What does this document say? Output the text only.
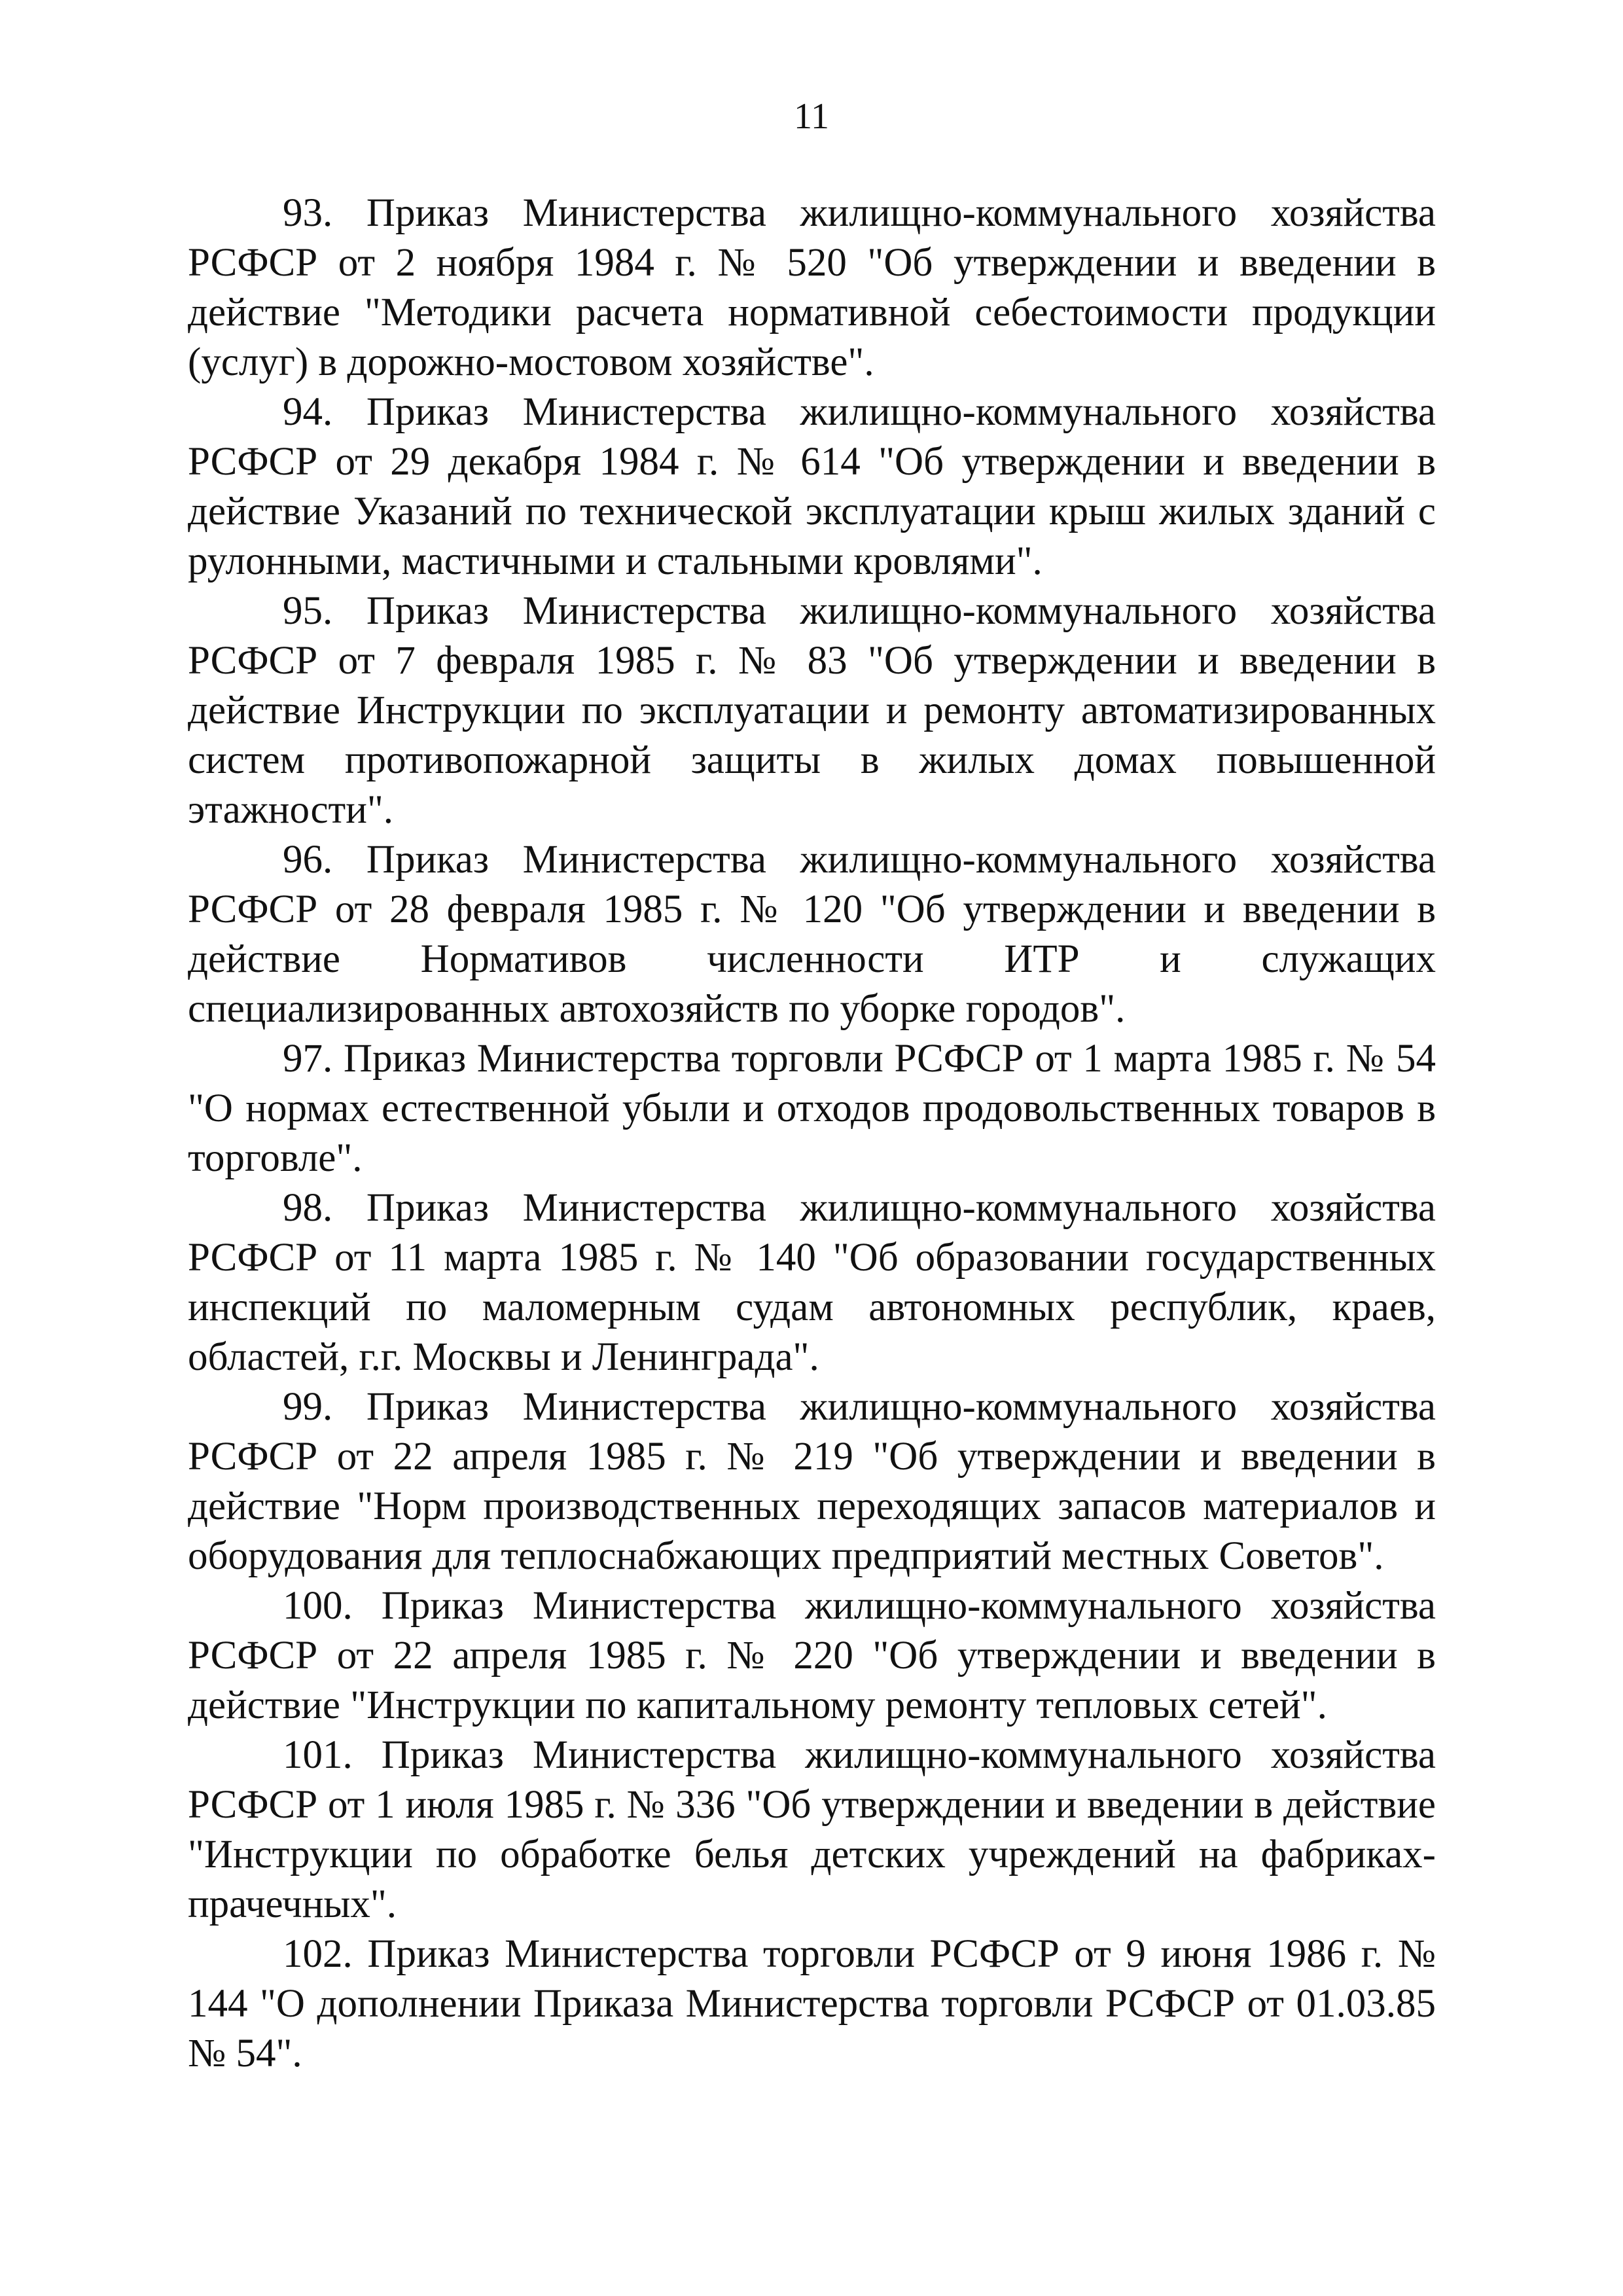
11

93. Приказ Министерства жилищно-коммунального хозяйства РСФСР от 2 ноября 1984 г. № 520 "Об утверждении и введении в действие "Методики расчета нормативной себестоимости продукции (услуг) в дорожно-мостовом хозяйстве".

94. Приказ Министерства жилищно-коммунального хозяйства РСФСР от 29 декабря 1984 г. № 614 "Об утверждении и введении в действие Указаний по технической эксплуатации крыш жилых зданий с рулонными, мастичными и стальными кровлями".

95. Приказ Министерства жилищно-коммунального хозяйства РСФСР от 7 февраля 1985 г. № 83 "Об утверждении и введении в действие Инструкции по эксплуатации и ремонту автоматизированных систем противопожарной защиты в жилых домах повышенной этажности".

96. Приказ Министерства жилищно-коммунального хозяйства РСФСР от 28 февраля 1985 г. № 120 "Об утверждении и введении в действие Нормативов численности ИТР и служащих специализированных автохозяйств по уборке городов".

97. Приказ Министерства торговли РСФСР от 1 марта 1985 г. № 54 "О нормах естественной убыли и отходов продовольственных товаров в торговле".

98. Приказ Министерства жилищно-коммунального хозяйства РСФСР от 11 марта 1985 г. № 140 "Об образовании государственных инспекций по маломерным судам автономных республик, краев, областей, г.г. Москвы и Ленинграда".

99. Приказ Министерства жилищно-коммунального хозяйства РСФСР от 22 апреля 1985 г. № 219 "Об утверждении и введении в действие "Норм производственных переходящих запасов материалов и оборудования для теплоснабжающих предприятий местных Советов".

100. Приказ Министерства жилищно-коммунального хозяйства РСФСР от 22 апреля 1985 г. № 220 "Об утверждении и введении в действие "Инструкции по капитальному ремонту тепловых сетей".

101. Приказ Министерства жилищно-коммунального хозяйства РСФСР от 1 июля 1985 г. № 336 "Об утверждении и введении в действие "Инструкции по обработке белья детских учреждений на фабриках-прачечных".

102. Приказ Министерства торговли РСФСР от 9 июня 1986 г. № 144 "О дополнении Приказа Министерства торговли РСФСР от 01.03.85 № 54".
